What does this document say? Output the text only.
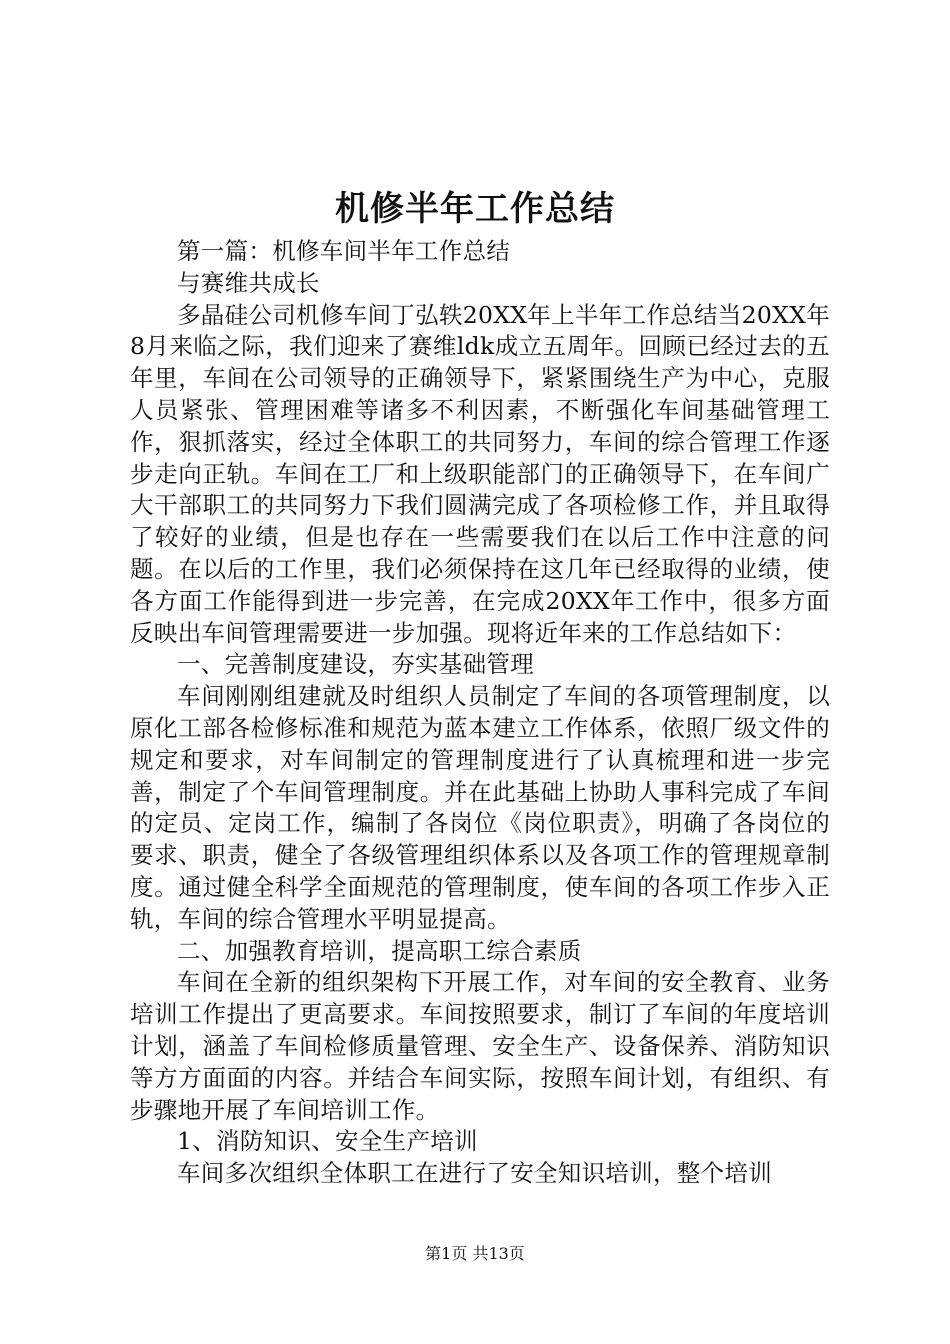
机修半年工作总结

第一篇：机修车间半年工作总结

与赛维共成长

多晶硅公司机修车间丁弘轶20XX年上半年工作总结当20XX年8月来临之际，我们迎来了赛维ldk成立五周年。回顾已经过去的五年里，车间在公司领导的正确领导下，紧紧围绕生产为中心，克服人员紧张、管理困难等诸多不利因素，不断强化车间基础管理工作，狠抓落实，经过全体职工的共同努力，车间的综合管理工作逐步走向正轨。车间在工厂和上级职能部门的正确领导下，在车间广大干部职工的共同努力下我们圆满完成了各项检修工作，并且取得了较好的业绩，但是也存在一些需要我们在以后工作中注意的问题。在以后的工作里，我们必须保持在这几年已经取得的业绩，使各方面工作能得到进一步完善，在完成20XX年工作中，很多方面反映出车间管理需要进一步加强。现将近年来的工作总结如下：

一、完善制度建设，夯实基础管理

车间刚刚组建就及时组织人员制定了车间的各项管理制度，以原化工部各检修标准和规范为蓝本建立工作体系，依照厂级文件的规定和要求，对车间制定的管理制度进行了认真梳理和进一步完善，制定了个车间管理制度。并在此基础上协助人事科完成了车间的定员、定岗工作，编制了各岗位《岗位职责》，明确了各岗位的要求、职责，健全了各级管理组织体系以及各项工作的管理规章制度。通过健全科学全面规范的管理制度，使车间的各项工作步入正轨，车间的综合管理水平明显提高。

二、加强教育培训，提高职工综合素质

车间在全新的组织架构下开展工作，对车间的安全教育、业务培训工作提出了更高要求。车间按照要求，制订了车间的年度培训计划，涵盖了车间检修质量管理、安全生产、设备保养、消防知识等方方面面的内容。并结合车间实际，按照车间计划，有组织、有步骤地开展了车间培训工作。

1、消防知识、安全生产培训

车间多次组织全体职工在进行了安全知识培训，整个培训

第1页 共13页
